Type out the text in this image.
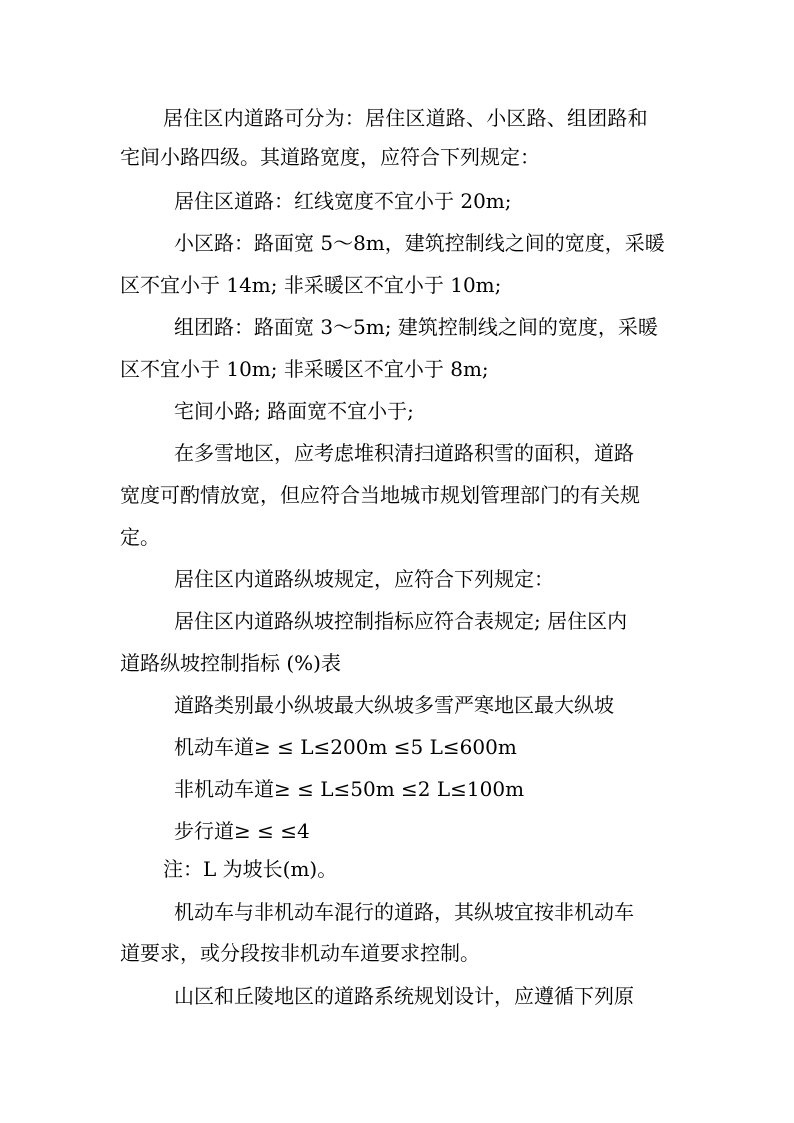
居住区内道路可分为：居住区道路、小区路、组团路和
宅间小路四级。其道路宽度，应符合下列规定：
居住区道路：红线宽度不宜小于 20m;
小区路：路面宽 5～8m，建筑控制线之间的宽度，采暖
区不宜小于 14m; 非采暖区不宜小于 10m;
组团路：路面宽 3～5m; 建筑控制线之间的宽度，采暖
区不宜小于 10m; 非采暖区不宜小于 8m;
宅间小路; 路面宽不宜小于;
在多雪地区，应考虑堆积清扫道路积雪的面积，道路
宽度可酌情放宽，但应符合当地城市规划管理部门的有关规
定。
居住区内道路纵坡规定，应符合下列规定：
居住区内道路纵坡控制指标应符合表规定; 居住区内
道路纵坡控制指标 (%)表
道路类别最小纵坡最大纵坡多雪严寒地区最大纵坡
机动车道≥ ≤ L≤200m ≤5 L≤600m
非机动车道≥ ≤ L≤50m ≤2 L≤100m
步行道≥ ≤ ≤4
注：L 为坡长(m)。
机动车与非机动车混行的道路，其纵坡宜按非机动车
道要求，或分段按非机动车道要求控制。
山区和丘陵地区的道路系统规划设计，应遵循下列原
